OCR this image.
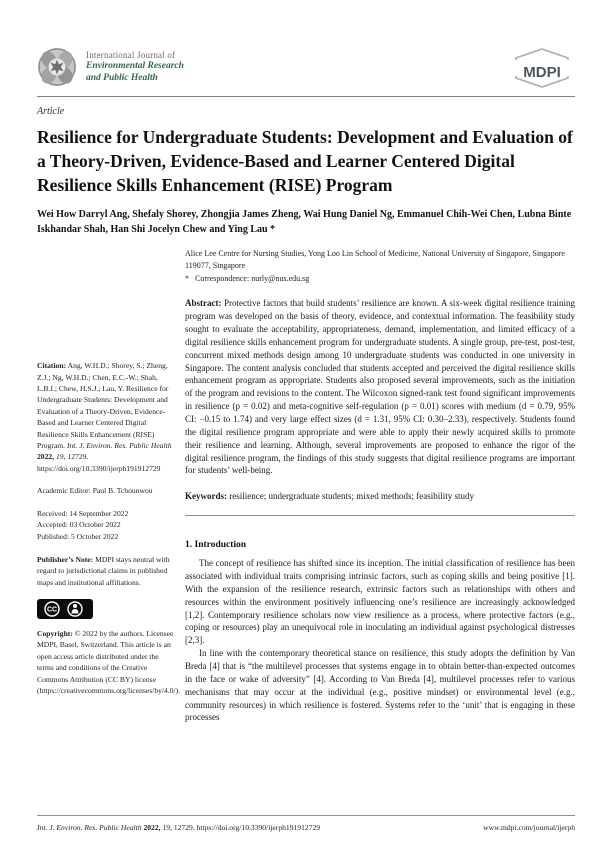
International Journal of
Environmental Research
and Public Health	MDPI
Article
Resilience for Undergraduate Students: Development and Evaluation of a Theory-Driven, Evidence-Based and Learner Centered Digital Resilience Skills Enhancement (RISE) Program
Wei How Darryl Ang, Shefaly Shorey, Zhongjia James Zheng, Wai Hung Daniel Ng, Emmanuel Chih-Wei Chen, Lubna Binte Iskhandar Shah, Han Shi Jocelyn Chew and Ying Lau *
Alice Lee Centre for Nursing Studies, Yong Loo Lin School of Medicine, National University of Singapore, Singapore 119077, Singapore
* Correspondence: nurly@nus.edu.sg
Citation: Ang, W.H.D.; Shorey, S.; Zheng, Z.J.; Ng, W.H.D.; Chen, E.C.-W.; Shah, L.B.I.; Chew, H.S.J.; Lau, Y. Resilience for Undergraduate Students: Development and Evaluation of a Theory-Driven, Evidence-Based and Learner Centered Digital Resilience Skills Enhancement (RISE) Program. Int. J. Environ. Res. Public Health 2022, 19, 12729. https://doi.org/10.3390/ijerph191912729
Academic Editor: Paul B. Tchounwou
Received: 14 September 2022
Accepted: 03 October 2022
Published: 5 October 2022
Publisher’s Note: MDPI stays neutral with regard to jurisdictional claims in published maps and institutional affiliations.
CC
Copyright: © 2022 by the authors. Licensee MDPI, Basel, Switzerland. This article is an open access article distributed under the terms and conditions of the Creative Commons Attribution (CC BY) license (https://creativecommons.org/licenses/by/4.0/).

Abstract: Protective factors that build students’ resilience are known. A six-week digital resilience training program was developed on the basis of theory, evidence, and contextual information. The feasibility study sought to evaluate the acceptability, appropriateness, demand, implementation, and limited efficacy of a digital resilience skills enhancement program for undergraduate students. A single group, pre-test, post-test, concurrent mixed methods design among 10 undergraduate students was conducted in one university in Singapore. The content analysis concluded that students accepted and perceived the digital resilience skills enhancement program as appropriate. Students also proposed several improvements, such as the initiation of the program and revisions to the content. The Wilcoxon signed-rank test found significant improvements in resilience (p = 0.02) and meta-cognitive self-regulation (p = 0.01) scores with medium (d = 0.79, 95% CI: −0.15 to 1.74) and very large effect sizes (d = 1.31, 95% CI: 0.30–2.33), respectively. Students found the digital resilience program appropriate and were able to apply their newly acquired skills to promote their resilience and learning. Although, several improvements are proposed to enhance the rigor of the digital resilience program, the findings of this study suggests that digital resilience programs are important for students’ well-being.

Keywords: resilience; undergraduate students; mixed methods; feasibility study

1. Introduction

The concept of resilience has shifted since its inception. The initial classification of resilience has been associated with individual traits comprising intrinsic factors, such as coping skills and being positive [1]. With the expansion of the resilience research, extrinsic factors such as relationships with others and resources within the environment positively influencing one’s resilience are increasingly acknowledged [1,2]. Contemporary resilience scholars now view resilience as a process, where protective factors (e.g., coping or resources) play an unequivocal role in inoculating an individual against psychological distresses [2,3].

In line with the contemporary theoretical stance on resilience, this study adopts the definition by Van Breda [4] that is “the multilevel processes that systems engage in to obtain better-than-expected outcomes in the face or wake of adversity” [4]. According to Van Breda [4], multilevel processes refer to various mechanisms that may occur at the individual (e.g., positive mindset) or environmental level (e.g., community resources) in which resilience is fostered. Systems refer to the ‘unit’ that is engaging in these processes

Int. J. Environ. Res. Public Health 2022, 19, 12729. https://doi.org/10.3390/ijerph191912729	www.mdpi.com/journal/ijerph
